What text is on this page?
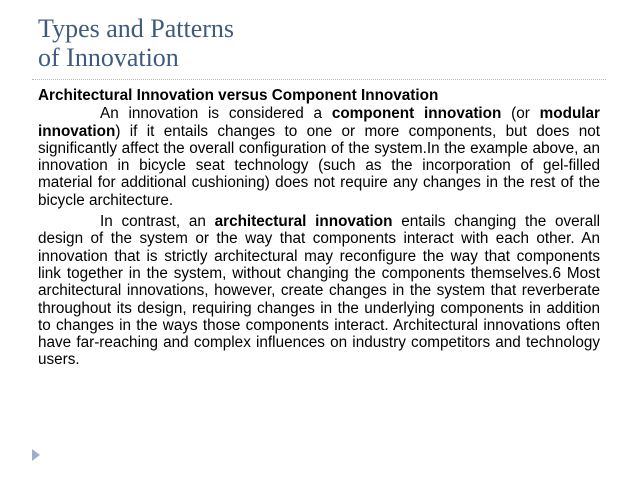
Types and Patterns
of Innovation

Architectural Innovation versus Component Innovation

An innovation is considered a component innovation (or modular innovation) if it entails changes to one or more components, but does not significantly affect the overall configuration of the system.In the example above, an innovation in bicycle seat technology (such as the incorporation of gel-filled material for additional cushioning) does not require any changes in the rest of the bicycle architecture.

In contrast, an architectural innovation entails changing the overall design of the system or the way that components interact with each other. An innovation that is strictly architectural may reconfigure the way that components link together in the system, without changing the components themselves.6 Most architectural innovations, however, create changes in the system that reverberate throughout its design, requiring changes in the underlying components in addition to changes in the ways those components interact. Architectural innovations often have far-reaching and complex influences on industry competitors and technology users.
